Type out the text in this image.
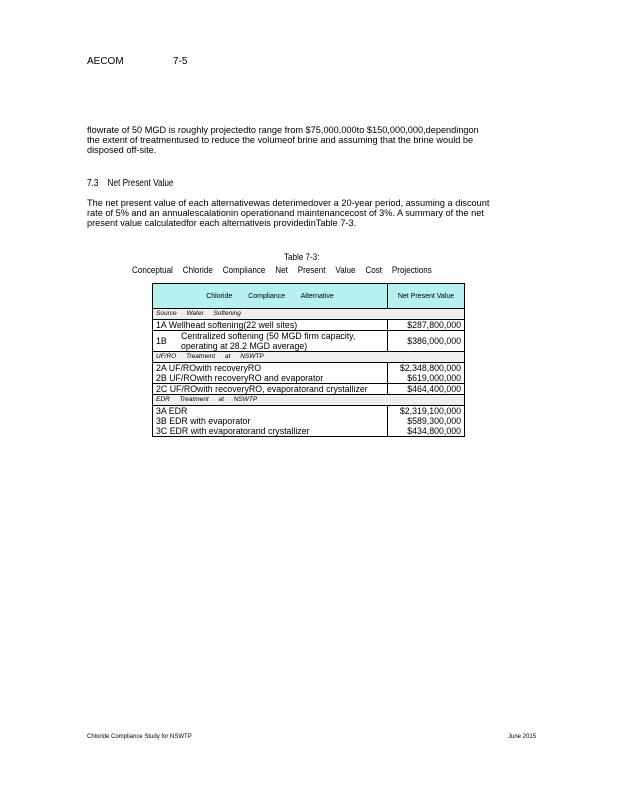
AECOM	7-5
flowrate of 50 MGD is roughly projectedto range from $75,000.000to $150,000,000,dependingon
the extent of treatmentused to reduce the volumeof brine and assuming that the brine would be
disposed off-site.
7.3 Net Present Value
The net present value of each alternativewas deterimedover a 20-year period, assuming a discount
rate of 5% and an annualescalationin operationand maintenancecost of 3%. A summary of the net
present value calculatedfor each alternativeis providedinTable 7-3.
Table 7-3:
Conceptual Chloride Compliance Net Present Value Cost Projections
Chloride Compliance Alternative	Net Present Value
Source Water Softening	
1A Wellhead softening(22 well sites)	$287,800,000

1B Centralized softening (50 MGD firm capacity,
operating at 28.2 MGD average)	$386,000,000
UF/RO Treatment at NSWTP	
2A UF/ROwith recoveryRO	$2,348,800,000
2B UF/ROwith recoveryRO and evaporator	$619,000,000
2C UF/ROwith recoveryRO, evaporatorand crystallizer	$464,400,000
EDR Treatment at NSWTP	
3A EDR	$2,319,100,000
3B EDR with evaporator	$589,300,000
3C EDR with evaporatorand crystallizer	$434,800,000
Chloride Compliance Study for NSWTP	June 2015
